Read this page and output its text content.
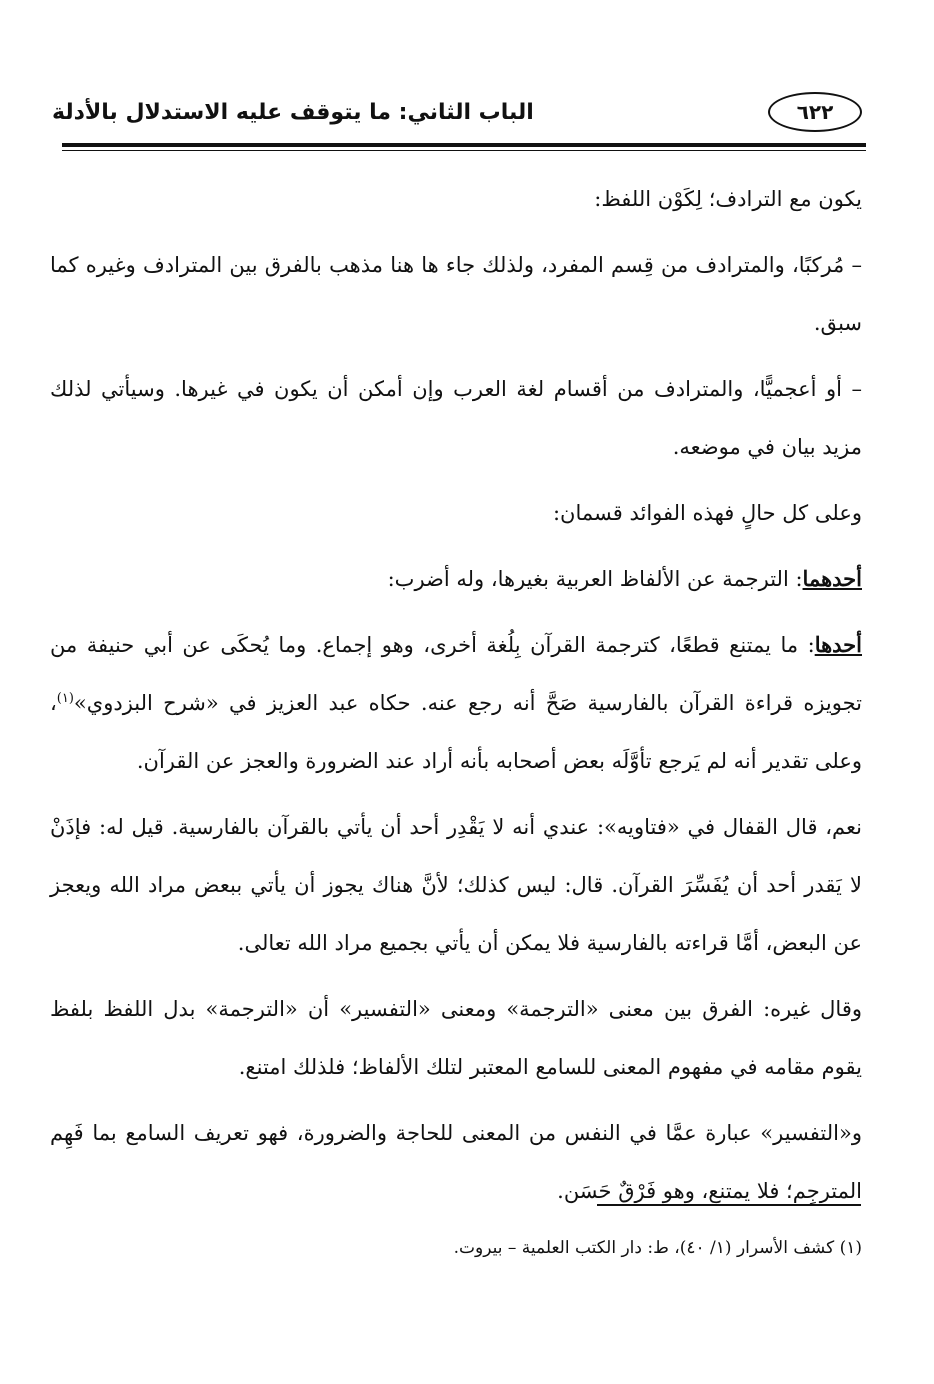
٦٢٢
الباب الثاني: ما يتوقف عليه الاستدلال بالأدلة

يكون مع الترادف؛ لِكَوْن اللفظ:

– مُركبًا، والمترادف من قِسم المفرد، ولذلك جاء ها هنا مذهب بالفرق بين المترادف وغيره كما سبق.

– أو أعجميًّا، والمترادف من أقسام لغة العرب وإن أمكن أن يكون في غيرها. وسيأتي لذلك مزيد بيان في موضعه.

وعلى كل حالٍ فهذه الفوائد قسمان:

أحدهما: الترجمة عن الألفاظ العربية بغيرها، وله أضرب:

أحدها: ما يمتنع قطعًا، كترجمة القرآن بِلُغة أخرى، وهو إجماع. وما يُحكَى عن أبي حنيفة من تجويزه قراءة القرآن بالفارسية صَحَّ أنه رجع عنه. حكاه عبد العزيز في «شرح البزدوي»$^{(١)}$، وعلى تقدير أنه لم يَرجع تأوَّلَه بعض أصحابه بأنه أراد عند الضرورة والعجز عن القرآن.

نعم، قال القفال في «فتاويه»: عندي أنه لا يَقْدِر أحد أن يأتي بالقرآن بالفارسية. قيل له: فإذَنْ لا يَقدر أحد أن يُفَسِّرَ القرآن. قال: ليس كذلك؛ لأنَّ هناك يجوز أن يأتي ببعض مراد الله ويعجز عن البعض، أمَّا قراءته بالفارسية فلا يمكن أن يأتي بجميع مراد الله تعالى.

وقال غيره: الفرق بين معنى «الترجمة» ومعنى «التفسير» أن «الترجمة» بدل اللفظ بلفظ يقوم مقامه في مفهوم المعنى للسامع المعتبر لتلك الألفاظ؛ فلذلك امتنع.

و«التفسير» عبارة عمَّا في النفس من المعنى للحاجة والضرورة، فهو تعريف السامع بما فَهِم المترجِم؛ فلا يمتنع، وهو فَرْقٌ حَسَن.

(١) كشف الأسرار (١/ ٤٠)، ط: دار الكتب العلمية – بيروت.
